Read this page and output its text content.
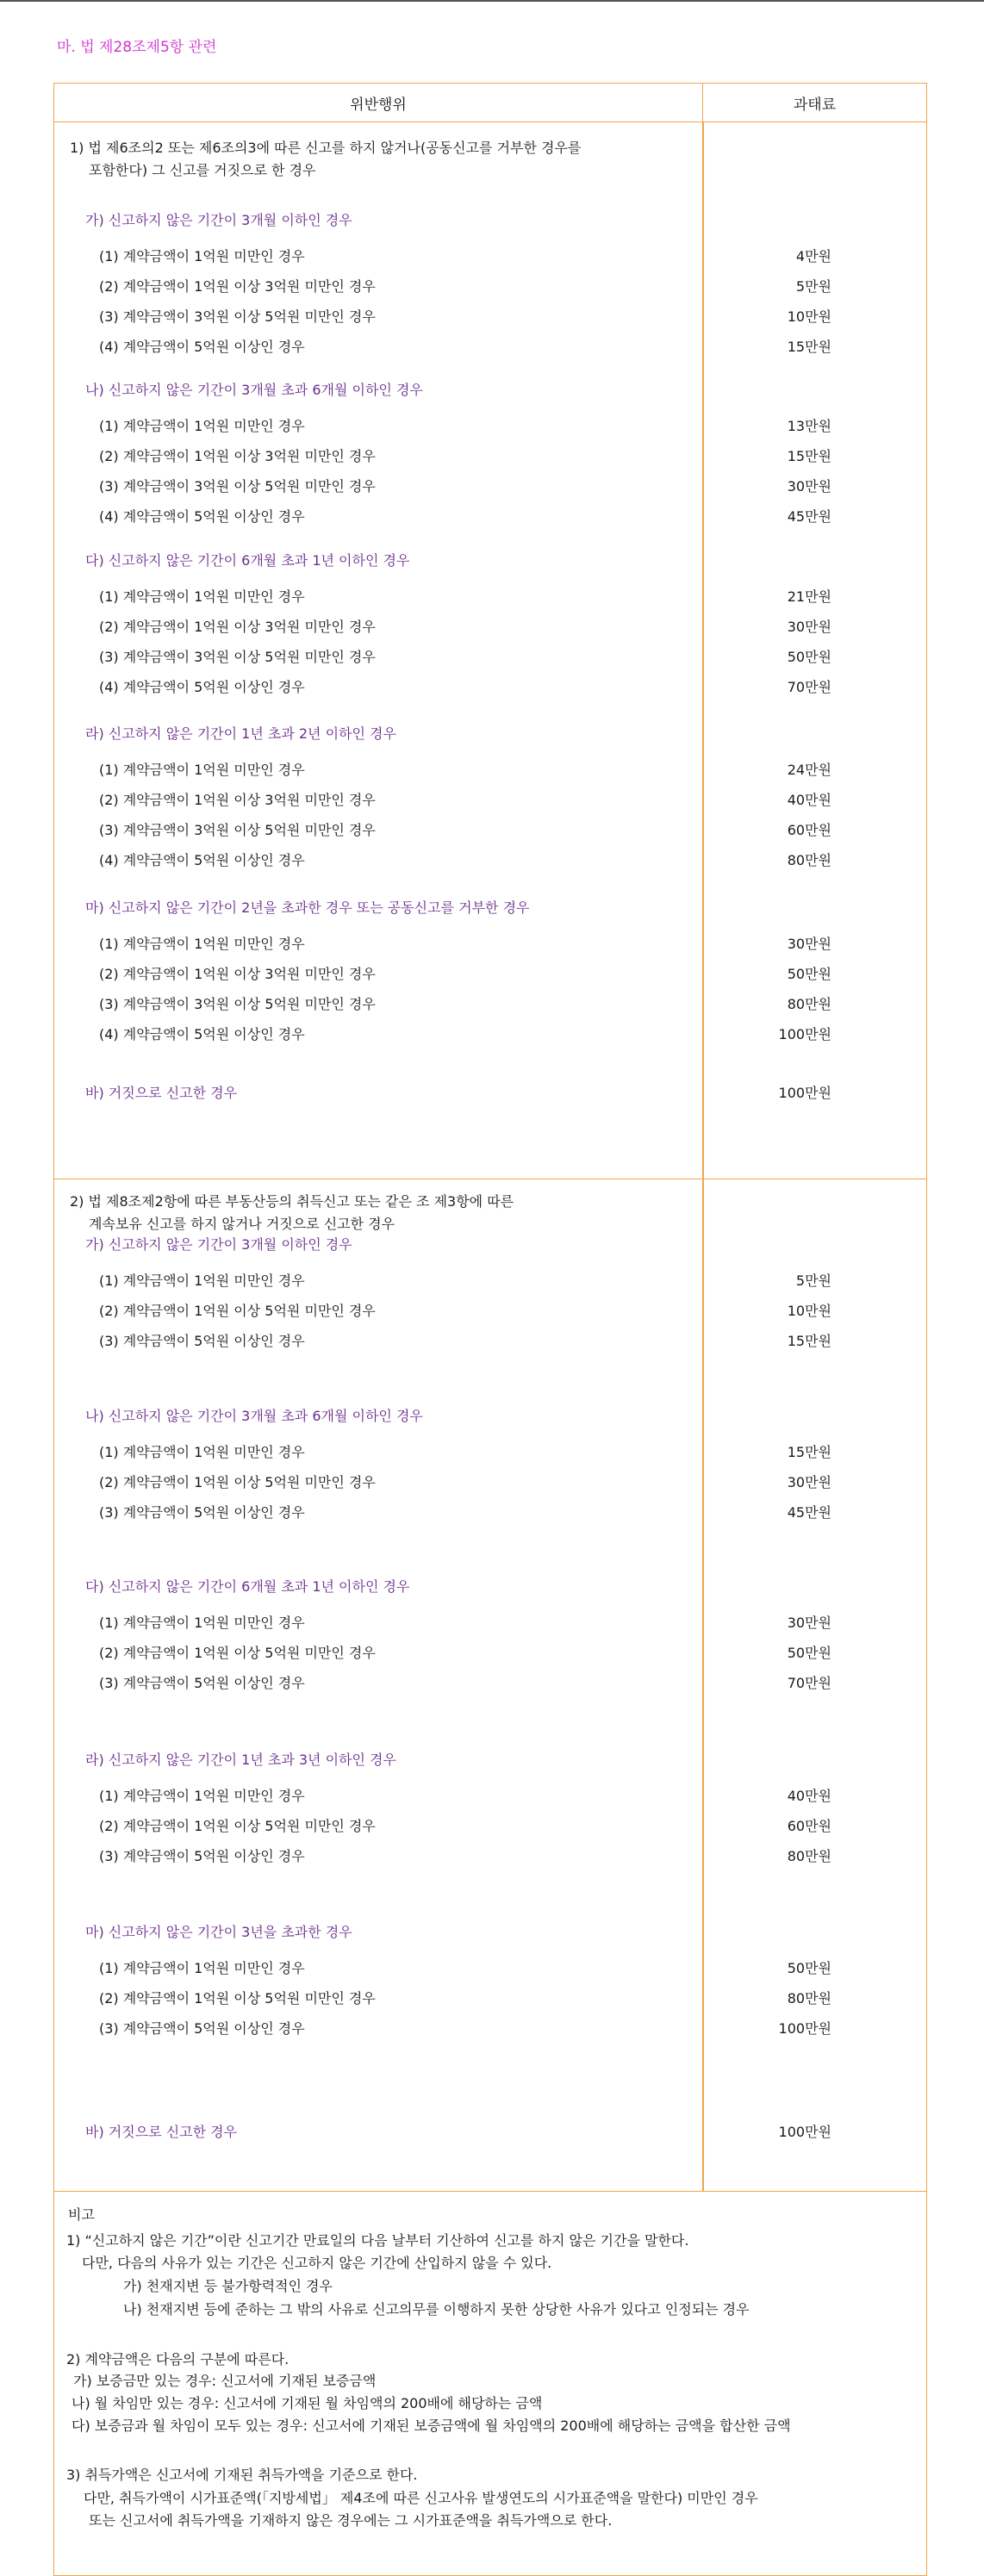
마. 법 제28조제5항 관련
위반행위	과태료
1) 법 제6조의2 또는 제6조의3에 따른 신고를 하지 않거나(공동신고를 거부한 경우를
포함한다) 그 신고를 거짓으로 한 경우
가) 신고하지 않은 기간이 3개월 이하인 경우
(1) 계약금액이 1억원 미만인 경우	4만원
(2) 계약금액이 1억원 이상 3억원 미만인 경우	5만원
(3) 계약금액이 3억원 이상 5억원 미만인 경우	10만원
(4) 계약금액이 5억원 이상인 경우	15만원
나) 신고하지 않은 기간이 3개월 초과 6개월 이하인 경우
(1) 계약금액이 1억원 미만인 경우	13만원
(2) 계약금액이 1억원 이상 3억원 미만인 경우	15만원
(3) 계약금액이 3억원 이상 5억원 미만인 경우	30만원
(4) 계약금액이 5억원 이상인 경우	45만원
다) 신고하지 않은 기간이 6개월 초과 1년 이하인 경우
(1) 계약금액이 1억원 미만인 경우	21만원
(2) 계약금액이 1억원 이상 3억원 미만인 경우	30만원
(3) 계약금액이 3억원 이상 5억원 미만인 경우	50만원
(4) 계약금액이 5억원 이상인 경우	70만원
라) 신고하지 않은 기간이 1년 초과 2년 이하인 경우
(1) 계약금액이 1억원 미만인 경우	24만원
(2) 계약금액이 1억원 이상 3억원 미만인 경우	40만원
(3) 계약금액이 3억원 이상 5억원 미만인 경우	60만원
(4) 계약금액이 5억원 이상인 경우	80만원
마) 신고하지 않은 기간이 2년을 초과한 경우 또는 공동신고를 거부한 경우
(1) 계약금액이 1억원 미만인 경우	30만원
(2) 계약금액이 1억원 이상 3억원 미만인 경우	50만원
(3) 계약금액이 3억원 이상 5억원 미만인 경우	80만원
(4) 계약금액이 5억원 이상인 경우	100만원
바) 거짓으로 신고한 경우	100만원
2) 법 제8조제2항에 따른 부동산등의 취득신고 또는 같은 조 제3항에 따른
계속보유 신고를 하지 않거나 거짓으로 신고한 경우
가) 신고하지 않은 기간이 3개월 이하인 경우
(1) 계약금액이 1억원 미만인 경우	5만원
(2) 계약금액이 1억원 이상 5억원 미만인 경우	10만원
(3) 계약금액이 5억원 이상인 경우	15만원
나) 신고하지 않은 기간이 3개월 초과 6개월 이하인 경우
(1) 계약금액이 1억원 미만인 경우	15만원
(2) 계약금액이 1억원 이상 5억원 미만인 경우	30만원
(3) 계약금액이 5억원 이상인 경우	45만원
다) 신고하지 않은 기간이 6개월 초과 1년 이하인 경우
(1) 계약금액이 1억원 미만인 경우	30만원
(2) 계약금액이 1억원 이상 5억원 미만인 경우	50만원
(3) 계약금액이 5억원 이상인 경우	70만원
라) 신고하지 않은 기간이 1년 초과 3년 이하인 경우
(1) 계약금액이 1억원 미만인 경우	40만원
(2) 계약금액이 1억원 이상 5억원 미만인 경우	60만원
(3) 계약금액이 5억원 이상인 경우	80만원
마) 신고하지 않은 기간이 3년을 초과한 경우
(1) 계약금액이 1억원 미만인 경우	50만원
(2) 계약금액이 1억원 이상 5억원 미만인 경우	80만원
(3) 계약금액이 5억원 이상인 경우	100만원
바) 거짓으로 신고한 경우	100만원
비고
1) “신고하지 않은 기간”이란 신고기간 만료일의 다음 날부터 기산하여 신고를 하지 않은 기간을 말한다.
다만, 다음의 사유가 있는 기간은 신고하지 않은 기간에 산입하지 않을 수 있다.
가) 천재지변 등 불가항력적인 경우
나) 천재지변 등에 준하는 그 밖의 사유로 신고의무를 이행하지 못한 상당한 사유가 있다고 인정되는 경우
2) 계약금액은 다음의 구분에 따른다.
가) 보증금만 있는 경우: 신고서에 기재된 보증금액
나) 월 차임만 있는 경우: 신고서에 기재된 월 차임액의 200배에 해당하는 금액
다) 보증금과 월 차임이 모두 있는 경우: 신고서에 기재된 보증금액에 월 차임액의 200배에 해당하는 금액을 합산한 금액
3) 취득가액은 신고서에 기재된 취득가액을 기준으로 한다.
다만, 취득가액이 시가표준액(「지방세법」 제4조에 따른 신고사유 발생연도의 시가표준액을 말한다) 미만인 경우
또는 신고서에 취득가액을 기재하지 않은 경우에는 그 시가표준액을 취득가액으로 한다.
